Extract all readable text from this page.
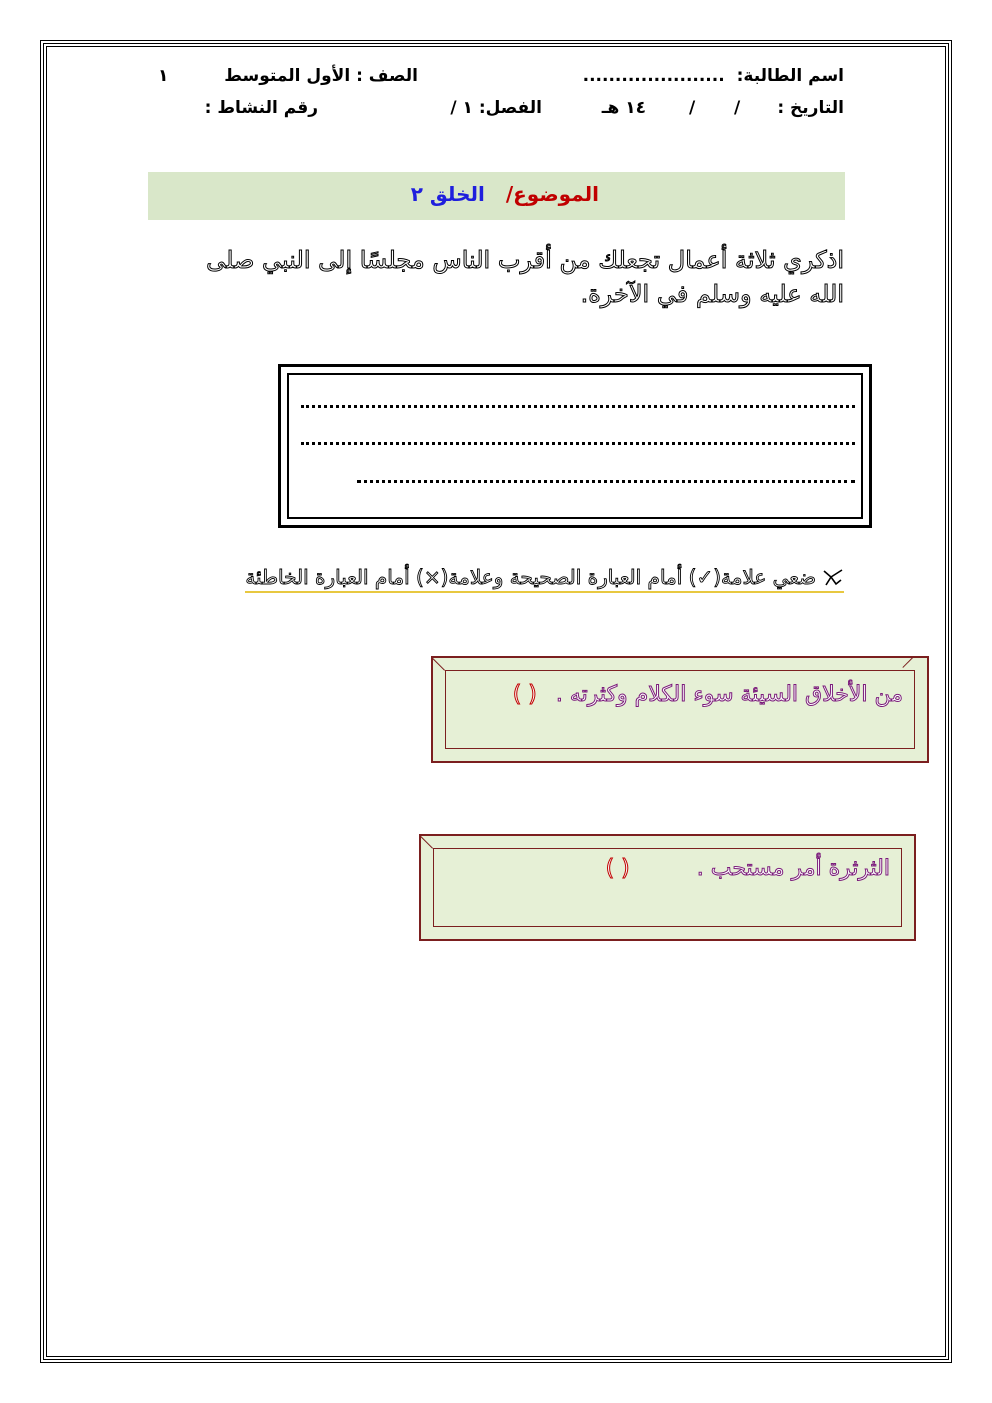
اسم الطالبة: ......................
الصف : الأول المتوسط
١
التاريخ :
/
/
١٤ هـ
الفصل: ١ /
رقم النشاط :
الموضوع/ الخلق ٢
اذكري ثلاثة أعمال تجعلك من أقرب الناس مجلسًا إلى النبي صلى الله عليه وسلم في الآخرة.
ضعي علامة(✓) أمام العبارة الصحيحة وعلامة(×) أمام العبارة الخاطئة
من الأخلاق السيئة سوء الكلام وكثرته . ( )
الثرثرة أمر مستحب . ( )
